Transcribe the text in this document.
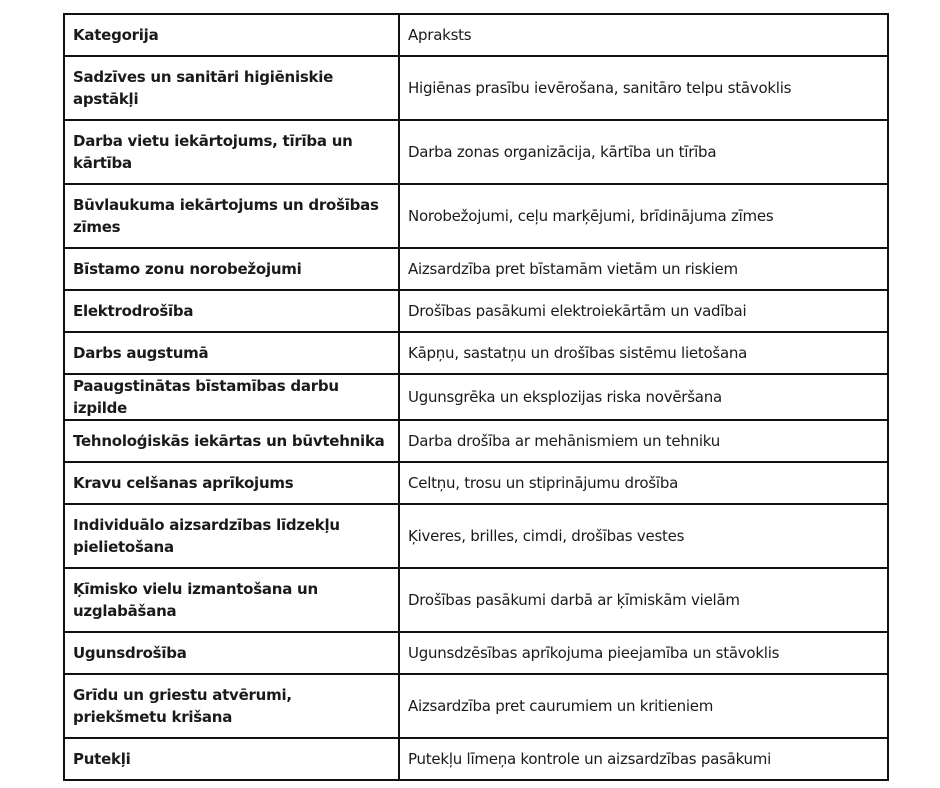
Kategorija	Apraksts
Sadzīves un sanitāri higiēniskie apstākļi	Higiēnas prasību ievērošana, sanitāro telpu stāvoklis
Darba vietu iekārtojums, tīrība un kārtība	Darba zonas organizācija, kārtība un tīrība
Būvlaukuma iekārtojums un drošības zīmes	Norobežojumi, ceļu marķējumi, brīdinājuma zīmes
Bīstamo zonu norobežojumi	Aizsardzība pret bīstamām vietām un riskiem
Elektrodrošība	Drošības pasākumi elektroiekārtām un vadībai
Darbs augstumā	Kāpņu, sastatņu un drošības sistēmu lietošana
Paaugstinātas bīstamības darbu izpilde	Ugunsgrēka un eksplozijas riska novēršana
Tehnoloģiskās iekārtas un būvtehnika	Darba drošība ar mehānismiem un tehniku
Kravu celšanas aprīkojums	Celtņu, trosu un stiprinājumu drošība
Individuālo aizsardzības līdzekļu pielietošana	Ķiveres, brilles, cimdi, drošības vestes
Ķīmisko vielu izmantošana un uzglabāšana	Drošības pasākumi darbā ar ķīmiskām vielām
Ugunsdrošība	Ugunsdzēsības aprīkojuma pieejamība un stāvoklis
Grīdu un griestu atvērumi, priekšmetu krišana	Aizsardzība pret caurumiem un kritieniem
Putekļi	Putekļu līmeņa kontrole un aizsardzības pasākumi
